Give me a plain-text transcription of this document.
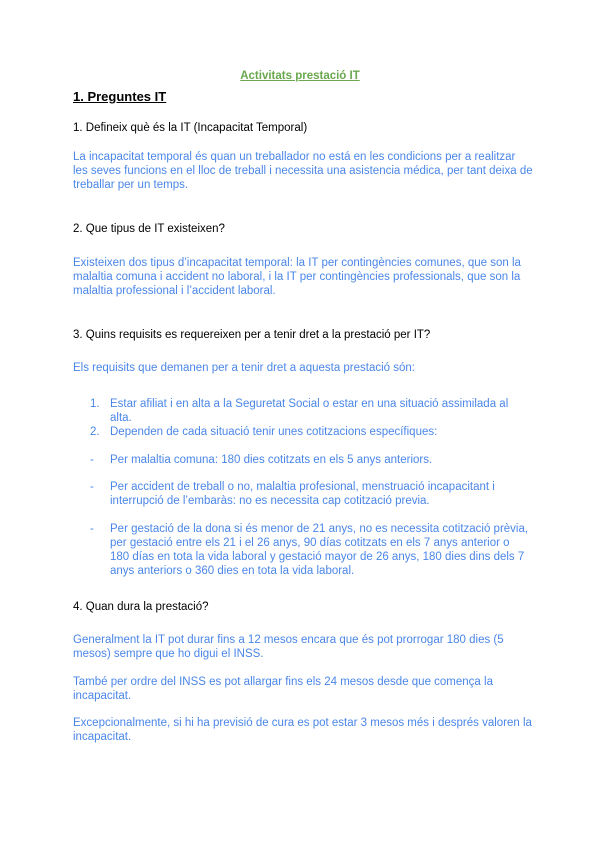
Activitats prestació IT
1. Preguntes IT
1. Defineix què és la IT (Incapacitat Temporal)
La incapacitat temporal és quan un treballador no está en les condicions per a realitzar les seves funcions en el lloc de treball i necessita una asistencia médica, per tant deixa de treballar per un temps.
2. Que tipus de IT existeixen?
Existeixen dos tipus d’incapacitat temporal: la IT per contingències comunes, que son la malaltia comuna i accident no laboral, i la IT per contingències professionals, que son la malaltia professional i l’accident laboral.
3. Quins requisits es requereixen per a tenir dret a la prestació per IT?
Els requisits que demanen per a tenir dret a aquesta prestació són:
1. Estar afiliat i en alta a la Seguretat Social o estar en una situació assimilada al alta.
2. Dependen de cada situació tenir unes cotitzacions específiques:
-	Per malaltia comuna: 180 dies cotitzats en els 5 anys anteriors.
-	Per accident de treball o no, malaltia profesional, menstruació incapacitant i interrupció de l’embaràs: no es necessita cap cotització previa.
-	Per gestació de la dona si és menor de 21 anys, no es necessita cotització prèvia, per gestació entre els 21 i el 26 anys, 90 días cotitzats en els 7 anys anterior o 180 días en tota la vida laboral y gestació mayor de 26 anys, 180 dies dins dels 7 anys anteriors o 360 dies en tota la vida laboral.
4. Quan dura la prestació?
Generalment la IT pot durar fins a 12 mesos encara que és pot prorrogar 180 dies (5 mesos) sempre que ho digui el INSS.
També per ordre del INSS es pot allargar fins els 24 mesos desde que comença la incapacitat.
Excepcionalmente, si hi ha previsió de cura es pot estar 3 mesos més i després valoren la incapacitat.
